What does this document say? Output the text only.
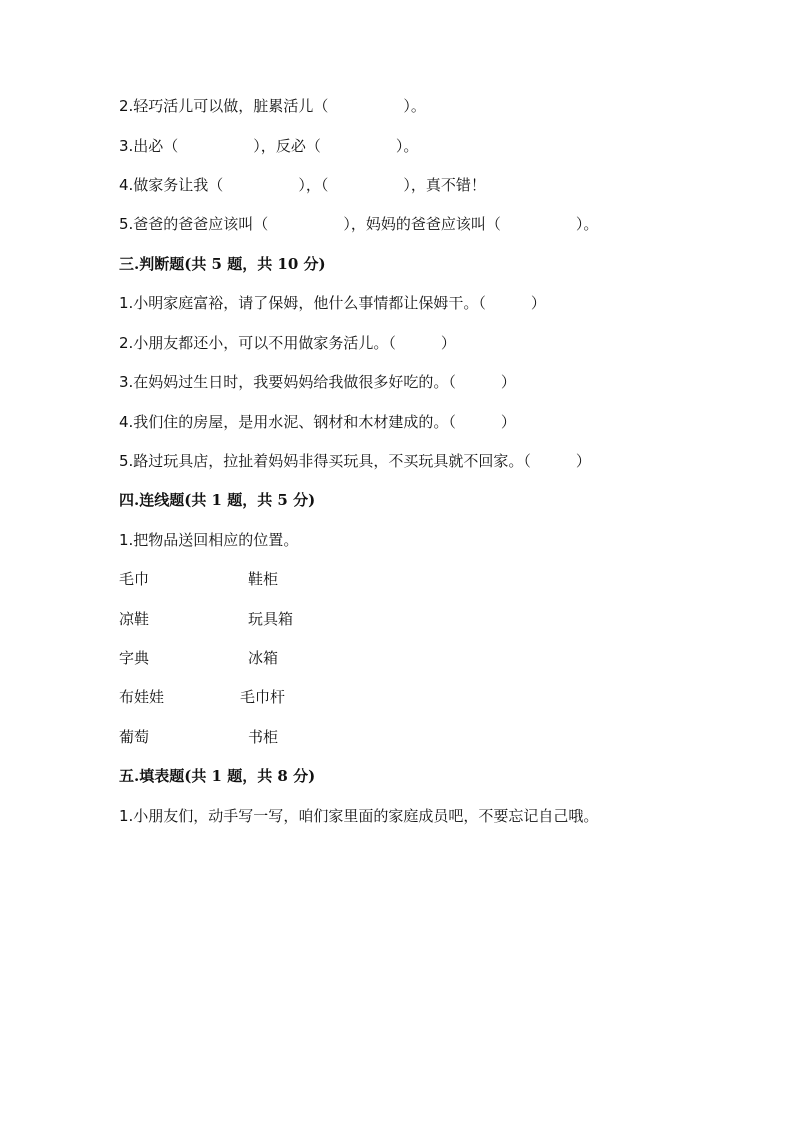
2.轻巧活儿可以做，脏累活儿（　　　　　）。
3.出必（　　　　　），反必（　　　　　）。
4.做家务让我（　　　　　），（　　　　　），真不错！
5.爸爸的爸爸应该叫（　　　　　），妈妈的爸爸应该叫（　　　　　）。
三.判断题(共 5 题，共 10 分)
1.小明家庭富裕，请了保姆，他什么事情都让保姆干。（　　　）
2.小朋友都还小，可以不用做家务活儿。（　　　）
3.在妈妈过生日时，我要妈妈给我做很多好吃的。（　　　）
4.我们住的房屋，是用水泥、钢材和木材建成的。（　　　）
5.路过玩具店，拉扯着妈妈非得买玩具，不买玩具就不回家。（　　　）
四.连线题(共 1 题，共 5 分)
1.把物品送回相应的位置。
毛巾	鞋柜
凉鞋	玩具箱
字典	冰箱
布娃娃	毛巾杆
葡萄	书柜
五.填表题(共 1 题，共 8 分)
1.小朋友们，动手写一写，咱们家里面的家庭成员吧，不要忘记自己哦。
